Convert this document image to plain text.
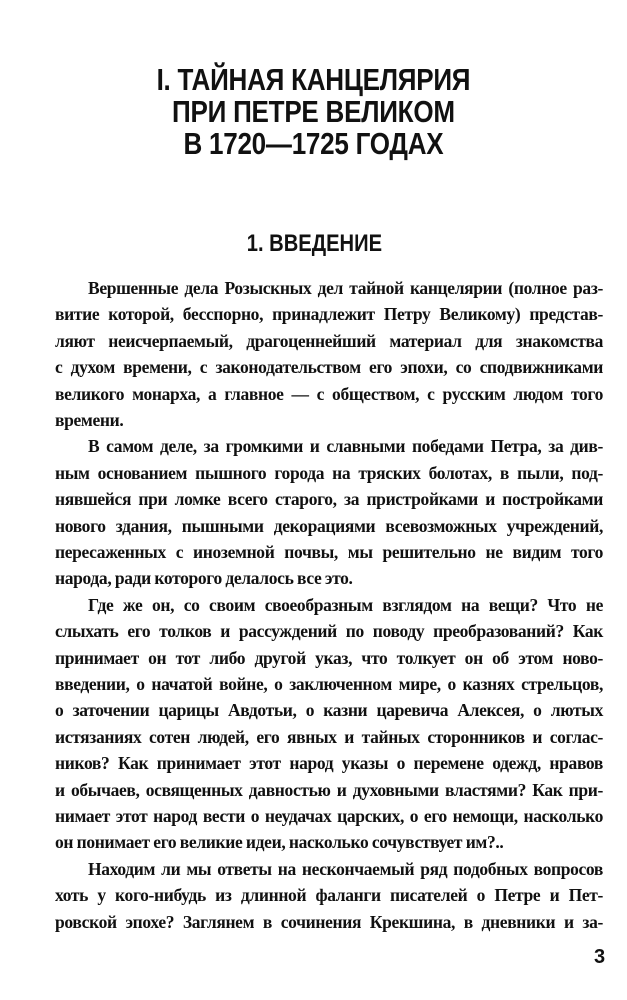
I. ТАЙНАЯ КАНЦЕЛЯРИЯ
ПРИ ПЕТРЕ ВЕЛИКОМ
В 1720—1725 ГОДАХ
1. ВВЕДЕНИЕ
Вершенные дела Розыскных дел тайной канцелярии (полное раз-
витие которой, бесспорно, принадлежит Петру Великому) представ-
ляют неисчерпаемый, драгоценнейший материал для знакомства
с духом времени, с законодательством его эпохи, со сподвижниками
великого монарха, а главное — с обществом, с русским людом того
времени.
В самом деле, за громкими и славными победами Петра, за див-
ным основанием пышного города на тряских болотах, в пыли, под-
нявшейся при ломке всего старого, за пристройками и постройками
нового здания, пышными декорациями всевозможных учреждений,
пересаженных с иноземной почвы, мы решительно не видим того
народа, ради которого делалось все это.
Где же он, со своим своеобразным взглядом на вещи? Что не
слыхать его толков и рассуждений по поводу преобразований? Как
принимает он тот либо другой указ, что толкует он об этом ново-
введении, о начатой войне, о заключенном мире, о казнях стрельцов,
о заточении царицы Авдотьи, о казни царевича Алексея, о лютых
истязаниях сотен людей, его явных и тайных сторонников и соглас-
ников? Как принимает этот народ указы о перемене одежд, нравов
и обычаев, освященных давностью и духовными властями? Как при-
нимает этот народ вести о неудачах царских, о его немощи, насколько
он понимает его великие идеи, насколько сочувствует им?..
Находим ли мы ответы на нескончаемый ряд подобных вопросов
хоть у кого-нибудь из длинной фаланги писателей о Петре и Пет-
ровской эпохе? Заглянем в сочинения Крекшина, в дневники и за-
3
